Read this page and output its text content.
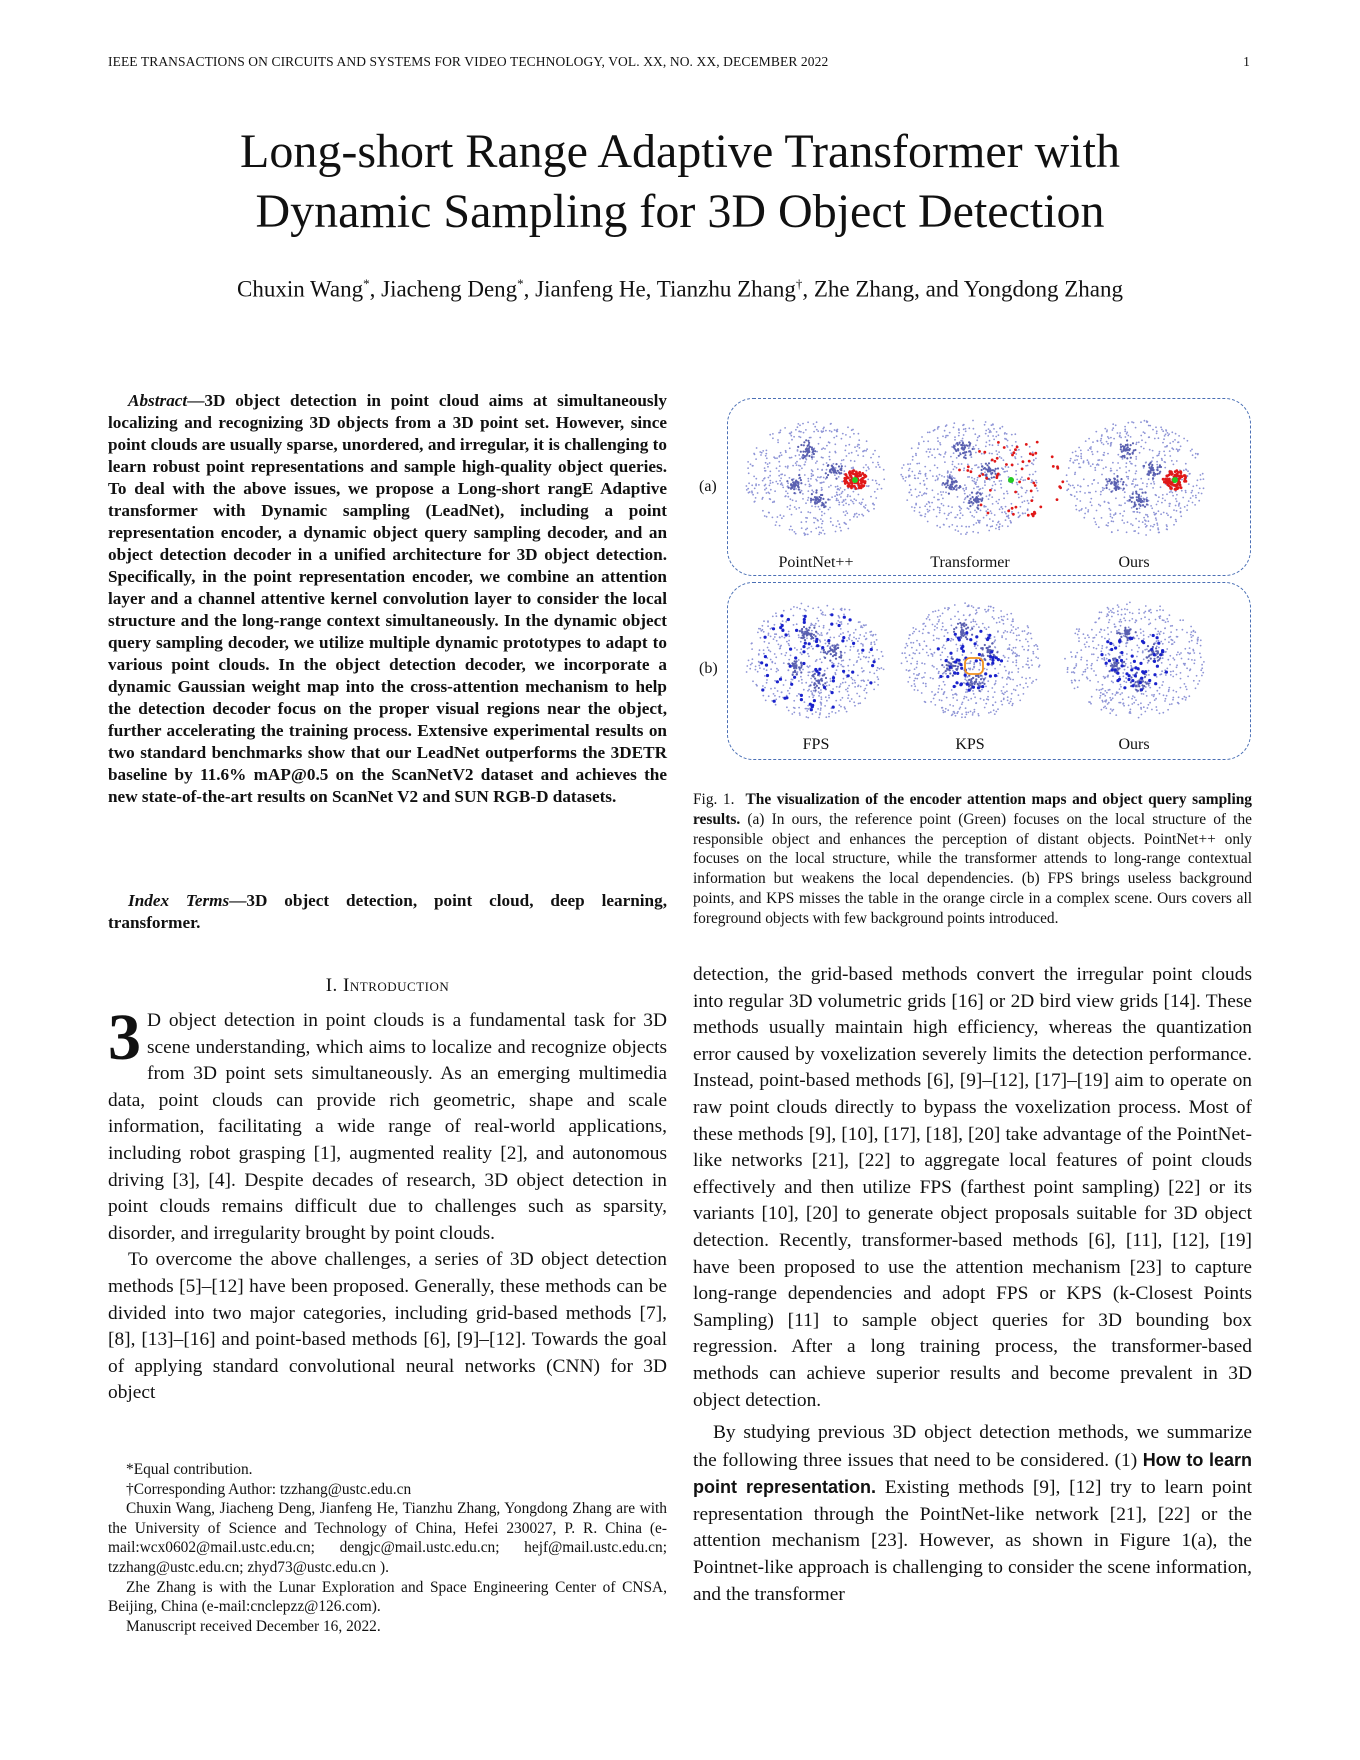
IEEE TRANSACTIONS ON CIRCUITS AND SYSTEMS FOR VIDEO TECHNOLOGY, VOL. XX, NO. XX, DECEMBER 2022	1
Long-short Range Adaptive Transformer with
Dynamic Sampling for 3D Object Detection
Chuxin Wang*, Jiacheng Deng*, Jianfeng He, Tianzhu Zhang†, Zhe Zhang, and Yongdong Zhang
Abstract—3D object detection in point cloud aims at simultaneously localizing and recognizing 3D objects from a 3D point set. However, since point clouds are usually sparse, unordered, and irregular, it is challenging to learn robust point representations and sample high-quality object queries. To deal with the above issues, we propose a Long-short rangE Adaptive transformer with Dynamic sampling (LeadNet), including a point representation encoder, a dynamic object query sampling decoder, and an object detection decoder in a unified architecture for 3D object detection. Specifically, in the point representation encoder, we combine an attention layer and a channel attentive kernel convolution layer to consider the local structure and the long-range context simultaneously. In the dynamic object query sampling decoder, we utilize multiple dynamic prototypes to adapt to various point clouds. In the object detection decoder, we incorporate a dynamic Gaussian weight map into the cross-attention mechanism to help the detection decoder focus on the proper visual regions near the object, further accelerating the training process. Extensive experimental results on two standard benchmarks show that our LeadNet outperforms the 3DETR baseline by 11.6% mAP@0.5 on the ScanNetV2 dataset and achieves the new state-of-the-art results on ScanNet V2 and SUN RGB-D datasets.
Index Terms—3D object detection, point cloud, deep learning, transformer.
I. Introduction

3 D object detection in point clouds is a fundamental task for 3D scene understanding, which aims to localize and recognize objects from 3D point sets simultaneously. As an emerging multimedia data, point clouds can provide rich geometric, shape and scale information, facilitating a wide range of real-world applications, including robot grasping [1], augmented reality [2], and autonomous driving [3], [4]. Despite decades of research, 3D object detection in point clouds remains difficult due to challenges such as sparsity, disorder, and irregularity brought by point clouds.

To overcome the above challenges, a series of 3D object detection methods [5]–[12] have been proposed. Generally, these methods can be divided into two major categories, including grid-based methods [7], [8], [13]–[16] and point-based methods [6], [9]–[12]. Towards the goal of applying standard convolutional neural networks (CNN) for 3D object

*Equal contribution.

†Corresponding Author: tzzhang@ustc.edu.cn

Chuxin Wang, Jiacheng Deng, Jianfeng He, Tianzhu Zhang, Yongdong Zhang are with the University of Science and Technology of China, Hefei 230027, P. R. China (e-mail:wcx0602@mail.ustc.edu.cn; dengjc@mail.ustc.edu.cn; hejf@mail.ustc.edu.cn; tzzhang@ustc.edu.cn; zhyd73@ustc.edu.cn ).

Zhe Zhang is with the Lunar Exploration and Space Engineering Center of CNSA, Beijing, China (e-mail:cnclepzz@126.com).

Manuscript received December 16, 2022.

(a)
(b)
PointNet++	Transformer	Ours
FPS	KPS	Ours
Fig. 1. The visualization of the encoder attention maps and object query sampling results. (a) In ours, the reference point (Green) focuses on the local structure of the responsible object and enhances the perception of distant objects. PointNet++ only focuses on the local structure, while the transformer attends to long-range contextual information but weakens the local dependencies. (b) FPS brings useless background points, and KPS misses the table in the orange circle in a complex scene. Ours covers all foreground objects with few background points introduced.

detection, the grid-based methods convert the irregular point clouds into regular 3D volumetric grids [16] or 2D bird view grids [14]. These methods usually maintain high efficiency, whereas the quantization error caused by voxelization severely limits the detection performance. Instead, point-based methods [6], [9]–[12], [17]–[19] aim to operate on raw point clouds directly to bypass the voxelization process. Most of these methods [9], [10], [17], [18], [20] take advantage of the PointNet-like networks [21], [22] to aggregate local features of point clouds effectively and then utilize FPS (farthest point sampling) [22] or its variants [10], [20] to generate object proposals suitable for 3D object detection. Recently, transformer-based methods [6], [11], [12], [19] have been proposed to use the attention mechanism [23] to capture long-range dependencies and adopt FPS or KPS (k-Closest Points Sampling) [11] to sample object queries for 3D bounding box regression. After a long training process, the transformer-based methods can achieve superior results and become prevalent in 3D object detection.

By studying previous 3D object detection methods, we summarize the following three issues that need to be considered. (1) How to learn point representation. Existing methods [9], [12] try to learn point representation through the PointNet-like network [21], [22] or the attention mechanism [23]. However, as shown in Figure 1(a), the Pointnet-like approach is challenging to consider the scene information, and the transformer
